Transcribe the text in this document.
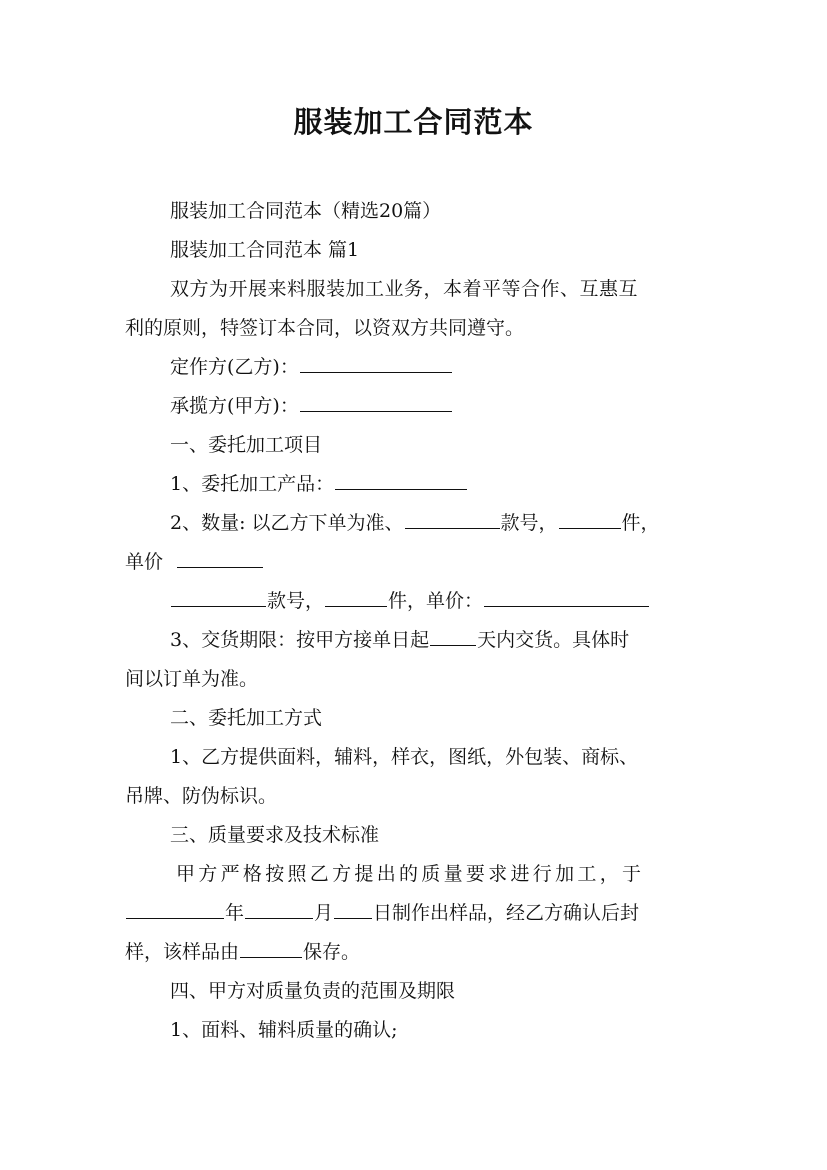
服装加工合同范本
服装加工合同范本（精选20篇）
服装加工合同范本 篇1
双方为开展来料服装加工业务，本着平等合作、互惠互
利的原则，特签订本合同，以资双方共同遵守。
定作方(乙方)：
承揽方(甲方)：
一、委托加工项目
1、委托加工产品：
2、数量: 以乙方下单为准、	款号，	件，
单价
款号，	件，单价：
3、交货期限：按甲方接单日起	天内交货。具体时
间以订单为准。
二、委托加工方式
1、乙方提供面料，辅料，样衣，图纸，外包装、商标、
吊牌、防伪标识。
三、质量要求及技术标准
甲方严格按照乙方提出的质量要求进行加工，于
年	月 日制作出样品，经乙方确认后封
样，该样品由	保存。
四、甲方对质量负责的范围及期限
1、面料、辅料质量的确认;
